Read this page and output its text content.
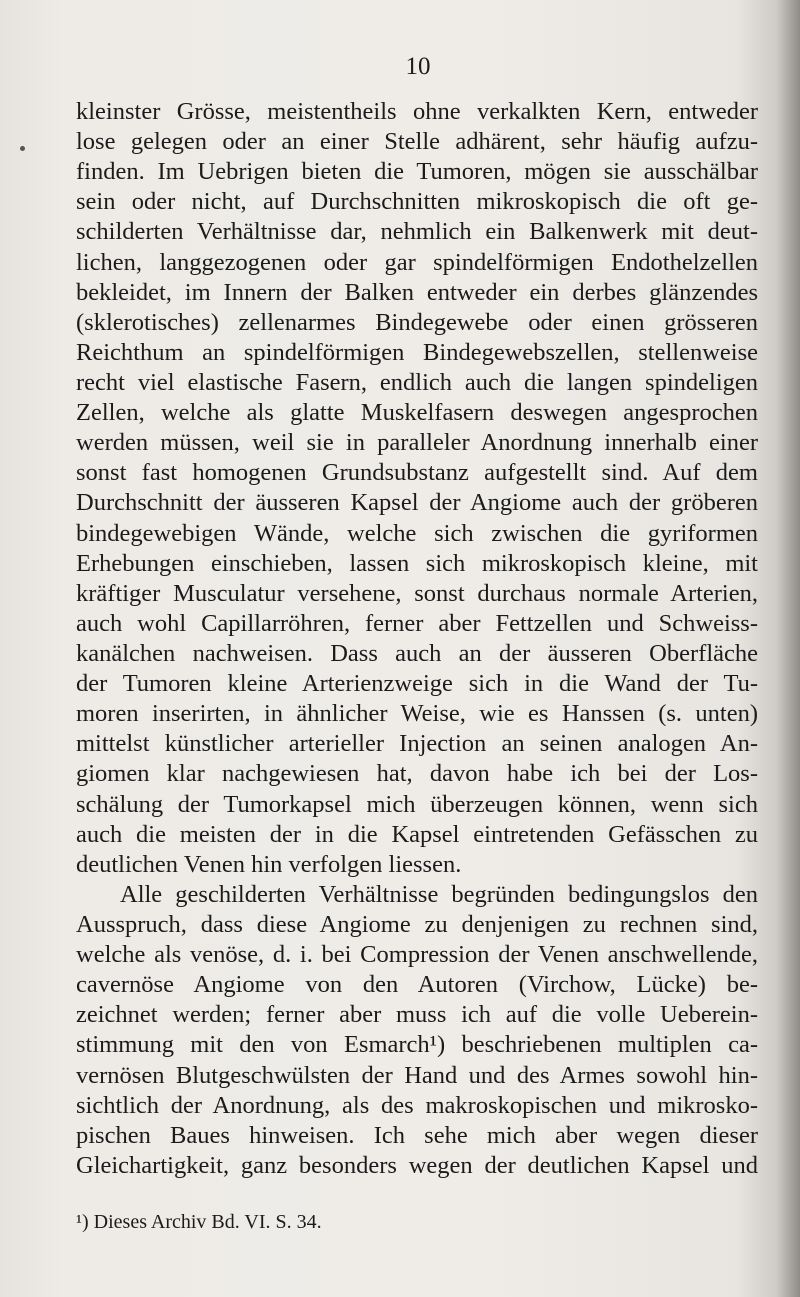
10
kleinster Grösse, meistentheils ohne verkalkten Kern, entweder
lose gelegen oder an einer Stelle adhärent, sehr häufig aufzu-
finden. Im Uebrigen bieten die Tumoren, mögen sie ausschälbar
sein oder nicht, auf Durchschnitten mikroskopisch die oft ge-
schilderten Verhältnisse dar, nehmlich ein Balkenwerk mit deut-
lichen, langgezogenen oder gar spindelförmigen Endothelzellen
bekleidet, im Innern der Balken entweder ein derbes glänzendes
(sklerotisches) zellenarmes Bindegewebe oder einen grösseren
Reichthum an spindelförmigen Bindegewebszellen, stellenweise
recht viel elastische Fasern, endlich auch die langen spindeligen
Zellen, welche als glatte Muskelfasern deswegen angesprochen
werden müssen, weil sie in paralleler Anordnung innerhalb einer
sonst fast homogenen Grundsubstanz aufgestellt sind. Auf dem
Durchschnitt der äusseren Kapsel der Angiome auch der gröberen
bindegewebigen Wände, welche sich zwischen die gyriformen
Erhebungen einschieben, lassen sich mikroskopisch kleine, mit
kräftiger Musculatur versehene, sonst durchaus normale Arterien,
auch wohl Capillarröhren, ferner aber Fettzellen und Schweiss-
kanälchen nachweisen. Dass auch an der äusseren Oberfläche
der Tumoren kleine Arterienzweige sich in die Wand der Tu-
moren inserirten, in ähnlicher Weise, wie es Hanssen (s. unten)
mittelst künstlicher arterieller Injection an seinen analogen An-
giomen klar nachgewiesen hat, davon habe ich bei der Los-
schälung der Tumorkapsel mich überzeugen können, wenn sich
auch die meisten der in die Kapsel eintretenden Gefässchen zu
deutlichen Venen hin verfolgen liessen.
Alle geschilderten Verhältnisse begründen bedingungslos den
Ausspruch, dass diese Angiome zu denjenigen zu rechnen sind,
welche als venöse, d. i. bei Compression der Venen anschwellende,
cavernöse Angiome von den Autoren (Virchow, Lücke) be-
zeichnet werden; ferner aber muss ich auf die volle Ueberein-
stimmung mit den von Esmarch¹) beschriebenen multiplen ca-
vernösen Blutgeschwülsten der Hand und des Armes sowohl hin-
sichtlich der Anordnung, als des makroskopischen und mikrosko-
pischen Baues hinweisen. Ich sehe mich aber wegen dieser
Gleichartigkeit, ganz besonders wegen der deutlichen Kapsel und
¹) Dieses Archiv Bd. VI. S. 34.
